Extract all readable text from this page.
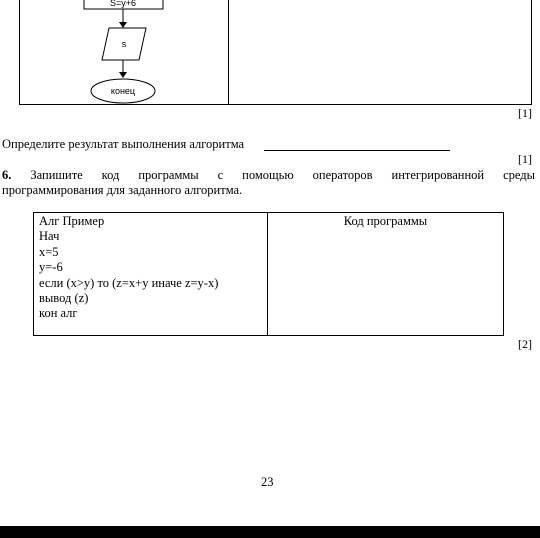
S=y+6
s
конец
[1]
Определите результат выполнения алгоритма
[1]
6. Запишите код программы с помощью операторов интегрированной среды
программирования для заданного алгоритма.
Алг Пример
Нач
x=5
y=-6
если (x>y) то (z=x+y иначе z=y-x)
вывод (z)
кон алг
Код программы
[2]
23
